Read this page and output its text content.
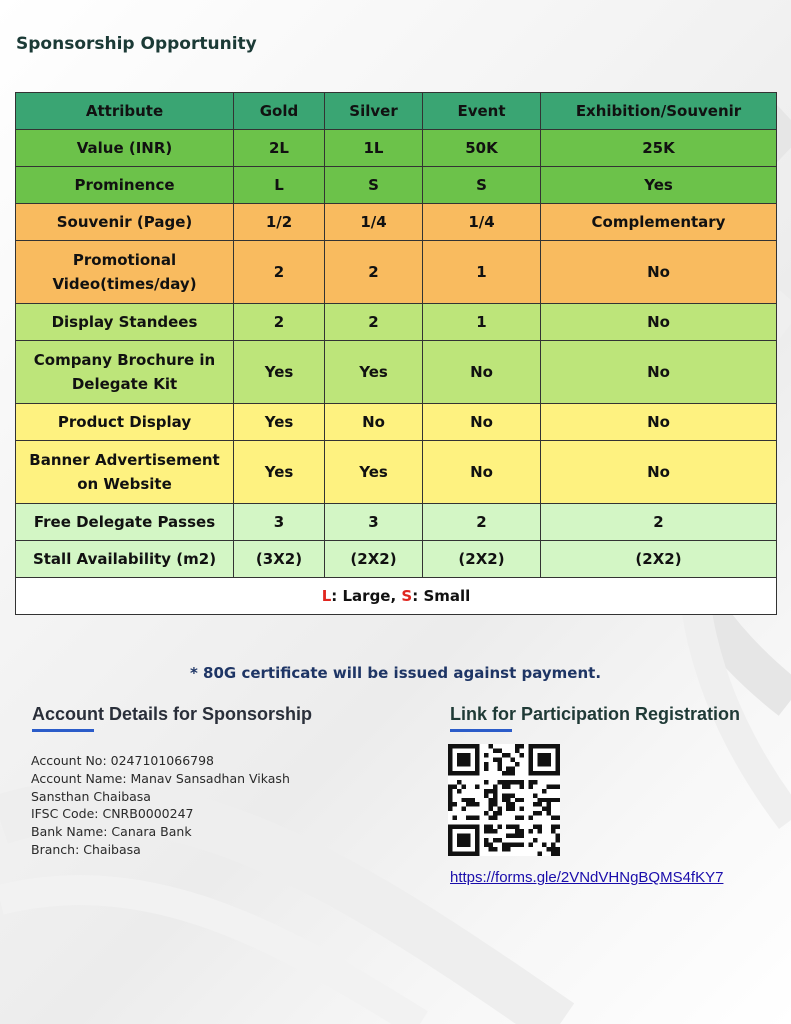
Sponsorship Opportunity
Attribute	Gold	Silver	Event	Exhibition/Souvenir
Value (INR)	2L	1L	50K	25K
Prominence	L	S	S	Yes
Souvenir (Page)	1/2	1/4	1/4	Complementary
Promotional Video(times/day)	2	2	1	No
Display Standees	2	2	1	No
Company Brochure in Delegate Kit	Yes	Yes	No	No
Product Display	Yes	No	No	No
Banner Advertisement on Website	Yes	Yes	No	No
Free Delegate Passes	3	3	2	2
Stall Availability (m2)	(3X2)	(2X2)	(2X2)	(2X2)
L: Large, S: Small				
* 80G certificate will be issued against payment.
Account Details for Sponsorship
Account No: 0247101066798
Account Name: Manav Sansadhan Vikash
Sansthan Chaibasa
IFSC Code: CNRB0000247
Bank Name: Canara Bank
Branch: Chaibasa
Link for Participation Registration
https://forms.gle/2VNdVHNgBQMS4fKY7
